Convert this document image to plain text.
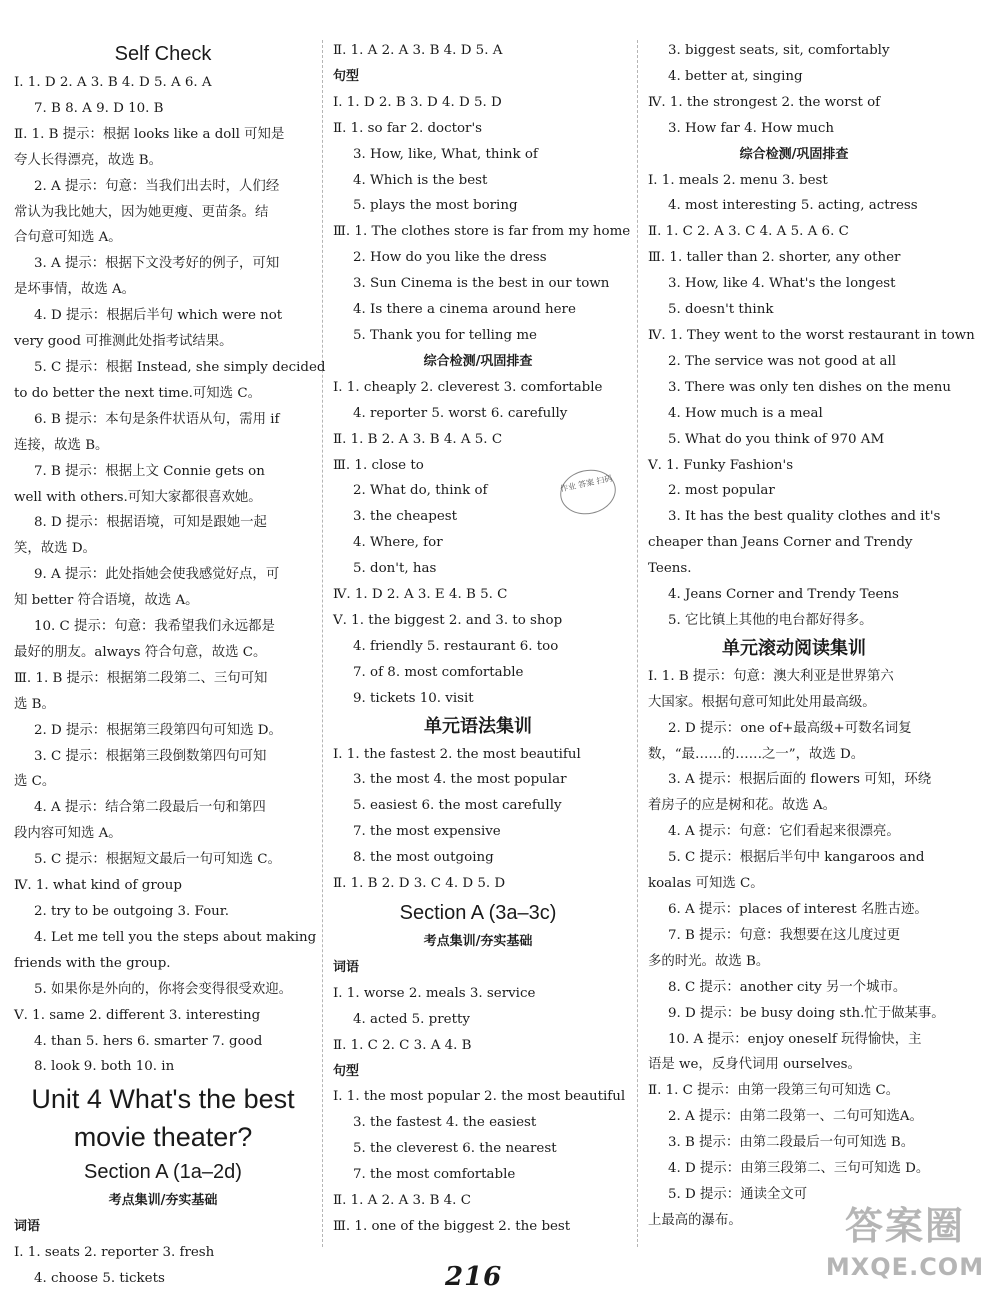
Self Check
Ⅰ. 1. D 2. A 3. B 4. D 5. A 6. A
7. B 8. A 9. D 10. B
Ⅱ. 1. B 提示：根据 looks like a doll 可知是
夸人长得漂亮，故选 B。
2. A 提示：句意：当我们出去时，人们经
常认为我比她大，因为她更瘦、更苗条。结
合句意可知选 A。
3. A 提示：根据下文没考好的例子，可知
是坏事情，故选 A。
4. D 提示：根据后半句 which were not
very good 可推测此处指考试结果。
5. C 提示：根据 Instead, she simply decided
to do better the next time.可知选 C。
6. B 提示：本句是条件状语从句，需用 if
连接，故选 B。
7. B 提示：根据上文 Connie gets on
well with others.可知大家都很喜欢她。
8. D 提示：根据语境，可知是跟她一起
笑，故选 D。
9. A 提示：此处指她会使我感觉好点，可
知 better 符合语境，故选 A。
10. C 提示：句意：我希望我们永远都是
最好的朋友。always 符合句意，故选 C。
Ⅲ. 1. B 提示：根据第二段第二、三句可知
选 B。
2. D 提示：根据第三段第四句可知选 D。
3. C 提示：根据第三段倒数第四句可知
选 C。
4. A 提示：结合第二段最后一句和第四
段内容可知选 A。
5. C 提示：根据短文最后一句可知选 C。
Ⅳ. 1. what kind of group
2. try to be outgoing 3. Four.
4. Let me tell you the steps about making
friends with the group.
5. 如果你是外向的，你将会变得很受欢迎。
Ⅴ. 1. same 2. different 3. interesting
4. than 5. hers 6. smarter 7. good
8. look 9. both 10. in
Unit 4 What's the best
movie theater?
Section A (1a–2d)
考点集训/夯实基础
词语
Ⅰ. 1. seats 2. reporter 3. fresh
4. choose 5. tickets
Ⅱ. 1. A 2. A 3. B 4. D 5. A
句型
Ⅰ. 1. D 2. B 3. D 4. D 5. D
Ⅱ. 1. so far 2. doctor's
3. How, like, What, think of
4. Which is the best
5. plays the most boring
Ⅲ. 1. The clothes store is far from my home
2. How do you like the dress
3. Sun Cinema is the best in our town
4. Is there a cinema around here
5. Thank you for telling me
综合检测/巩固排查
Ⅰ. 1. cheaply 2. cleverest 3. comfortable
4. reporter 5. worst 6. carefully
Ⅱ. 1. B 2. A 3. B 4. A 5. C
Ⅲ. 1. close to
2. What do, think of
3. the cheapest
4. Where, for
5. don't, has
Ⅳ. 1. D 2. A 3. E 4. B 5. C
Ⅴ. 1. the biggest 2. and 3. to shop
4. friendly 5. restaurant 6. too
7. of 8. most comfortable
9. tickets 10. visit
单元语法集训
Ⅰ. 1. the fastest 2. the most beautiful
3. the most 4. the most popular
5. easiest 6. the most carefully
7. the most expensive
8. the most outgoing
Ⅱ. 1. B 2. D 3. C 4. D 5. D
Section A (3a–3c)
考点集训/夯实基础
词语
Ⅰ. 1. worse 2. meals 3. service
4. acted 5. pretty
Ⅱ. 1. C 2. C 3. A 4. B
句型
Ⅰ. 1. the most popular 2. the most beautiful
3. the fastest 4. the easiest
5. the cleverest 6. the nearest
7. the most comfortable
Ⅱ. 1. A 2. A 3. B 4. C
Ⅲ. 1. one of the biggest 2. the best
3. biggest seats, sit, comfortably
4. better at, singing
Ⅳ. 1. the strongest 2. the worst of
3. How far 4. How much
综合检测/巩固排查
Ⅰ. 1. meals 2. menu 3. best
4. most interesting 5. acting, actress
Ⅱ. 1. C 2. A 3. C 4. A 5. A 6. C
Ⅲ. 1. taller than 2. shorter, any other
3. How, like 4. What's the longest
5. doesn't think
Ⅳ. 1. They went to the worst restaurant in town
2. The service was not good at all
3. There was only ten dishes on the menu
4. How much is a meal
5. What do you think of 970 AM
Ⅴ. 1. Funky Fashion's
2. most popular
3. It has the best quality clothes and it's
cheaper than Jeans Corner and Trendy
Teens.
4. Jeans Corner and Trendy Teens
5. 它比镇上其他的电台都好得多。
单元滚动阅读集训
Ⅰ. 1. B 提示：句意：澳大利亚是世界第六
大国家。根据句意可知此处用最高级。
2. D 提示：one of+最高级+可数名词复
数，“最……的……之一”，故选 D。
3. A 提示：根据后面的 flowers 可知，环绕
着房子的应是树和花。故选 A。
4. A 提示：句意：它们看起来很漂亮。
5. C 提示：根据后半句中 kangaroos and
koalas 可知选 C。
6. A 提示：places of interest 名胜古迹。
7. B 提示：句意：我想要在这儿度过更
多的时光。故选 B。
8. C 提示：another city 另一个城市。
9. D 提示：be busy doing sth.忙于做某事。
10. A 提示：enjoy oneself 玩得愉快，主
语是 we，反身代词用 ourselves。
Ⅱ. 1. C 提示：由第一段第三句可知选 C。
2. A 提示：由第二段第一、二句可知选A。
3. B 提示：由第二段最后一句可知选 B。
4. D 提示：由第三段第二、三句可知选 D。
5. D 提示：通读全文可
上最高的瀑布。
作业 答案 扫码
216
答案圈
MXQE.COM
